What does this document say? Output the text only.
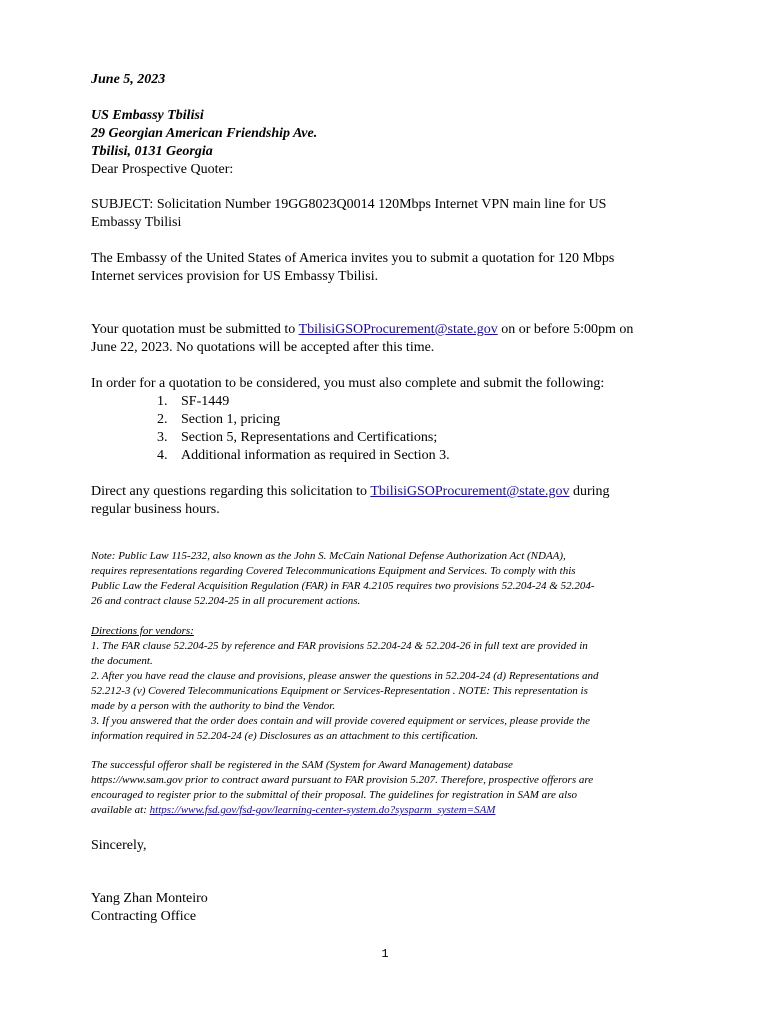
June 5, 2023
US Embassy Tbilisi
29 Georgian American Friendship Ave.
Tbilisi, 0131 Georgia
Dear Prospective Quoter:
SUBJECT: Solicitation Number 19GG8023Q0014 120Mbps Internet VPN main line for US
Embassy Tbilisi
The Embassy of the United States of America invites you to submit a quotation for 120 Mbps
Internet services provision for US Embassy Tbilisi.
Your quotation must be submitted to TbilisiGSOProcurement@state.gov on or before 5:00pm on
June 22, 2023. No quotations will be accepted after this time.
In order for a quotation to be considered, you must also complete and submit the following:
1. SF-1449
2. Section 1, pricing
3. Section 5, Representations and Certifications;
4. Additional information as required in Section 3.
Direct any questions regarding this solicitation to TbilisiGSOProcurement@state.gov during
regular business hours.
Note: Public Law 115-232, also known as the John S. McCain National Defense Authorization Act (NDAA),
requires representations regarding Covered Telecommunications Equipment and Services. To comply with this
Public Law the Federal Acquisition Regulation (FAR) in FAR 4.2105 requires two provisions 52.204-24 & 52.204-
26 and contract clause 52.204-25 in all procurement actions.
Directions for vendors:
1. The FAR clause 52.204-25 by reference and FAR provisions 52.204-24 & 52.204-26 in full text are provided in
the document.
2. After you have read the clause and provisions, please answer the questions in 52.204-24 (d) Representations and
52.212-3 (v) Covered Telecommunications Equipment or Services-Representation . NOTE: This representation is
made by a person with the authority to bind the Vendor.
3. If you answered that the order does contain and will provide covered equipment or services, please provide the
information required in 52.204-24 (e) Disclosures as an attachment to this certification.
The successful offeror shall be registered in the SAM (System for Award Management) database
https://www.sam.gov prior to contract award pursuant to FAR provision 5.207. Therefore, prospective offerors are
encouraged to register prior to the submittal of their proposal. The guidelines for registration in SAM are also
available at: https://www.fsd.gov/fsd-gov/learning-center-system.do?sysparm_system=SAM
Sincerely,
Yang Zhan Monteiro
Contracting Office
1
